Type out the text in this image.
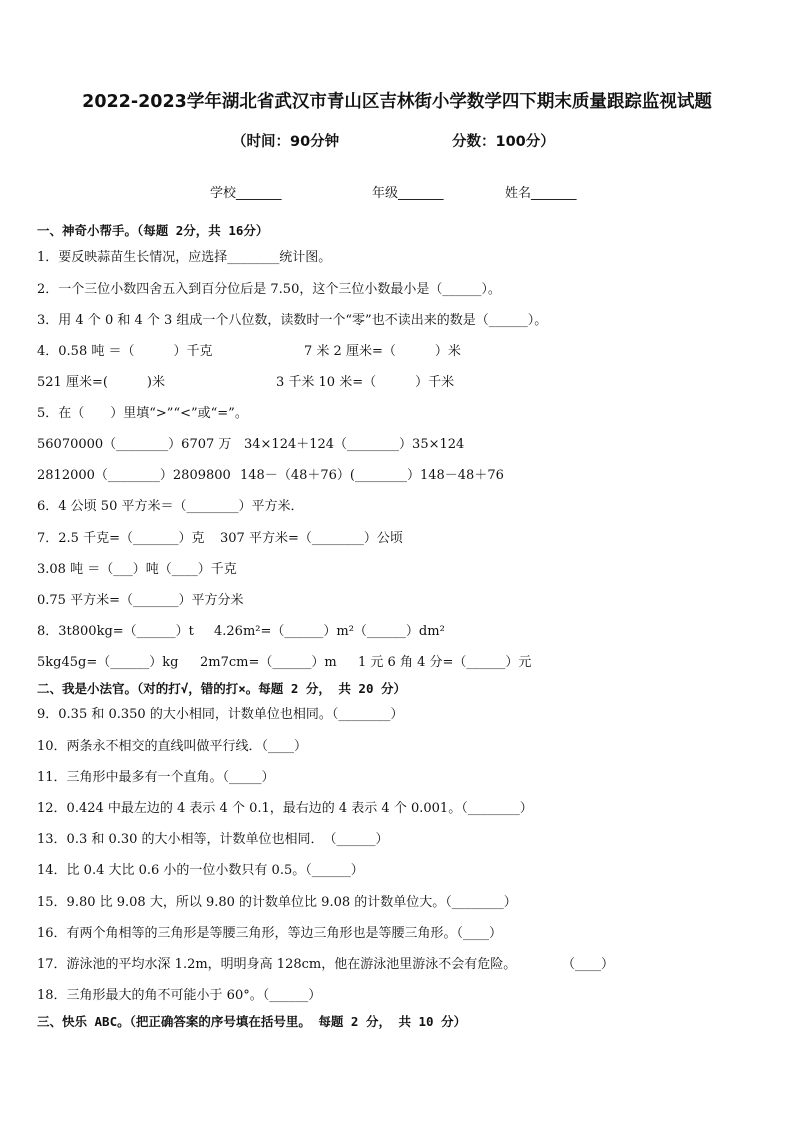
2022-2023学年湖北省武汉市青山区吉林街小学数学四下期末质量跟踪监视试题
（时间：90分钟	分数：100分）
学校_______	年级_______	姓名_______
一、神奇小帮手。（每题 2分，共 16分）
1．要反映蒜苗生长情况，应选择________统计图。
2．一个三位小数四舍五入到百分位后是 7.50，这个三位小数最小是（______）。
3．用 4 个 0 和 4 个 3 组成一个八位数，读数时一个“零”也不读出来的数是（______）。
4．0.58 吨 ＝（　　　）千克	7 米 2 厘米=（　　　）米
521 厘米=(　　　)米	3 千米 10 米=（　　　）千米
5．在（　　）里填“>”“<”或“=”。
56070000（________）6707 万 34×124＋124（________）35×124
2812000（________）2809800 148－（48＋76）(________）148－48＋76
6．4 公顷 50 平方米＝（________）平方米．
7．2.5 千克=（_______）克 307 平方米=（________）公顷
3.08 吨 ＝（___）吨（____）千克
0.75 平方米=（_______）平方分米
8．3t800kg=（______）t 4.26m²=（______）m²（______）dm²
5kg45g=（______）kg 2m7cm=（______）m 1 元 6 角 4 分=（______）元
二、我是小法官。（对的打√，错的打×。每题 2 分， 共 20 分）
9．0.35 和 0.350 的大小相同，计数单位也相同。（________）
10．两条永不相交的直线叫做平行线．（____）
11．三角形中最多有一个直角。（_____）
12．0.424 中最左边的 4 表示 4 个 0.1，最右边的 4 表示 4 个 0.001。（________）
13．0.3 和 0.30 的大小相等，计数单位也相同．　（______）
14．比 0.4 大比 0.6 小的一位小数只有 0.5。（______）
15．9.80 比 9.08 大，所以 9.80 的计数单位比 9.08 的计数单位大。（________）
16．有两个角相等的三角形是等腰三角形，等边三角形也是等腰三角形。（____）
17．游泳池的平均水深 1.2m，明明身高 128cm，他在游泳池里游泳不会有危险。	（____）
18．三角形最大的角不可能小于 60°。（______）
三、快乐 ABC。（把正确答案的序号填在括号里。 每题 2 分， 共 10 分）
